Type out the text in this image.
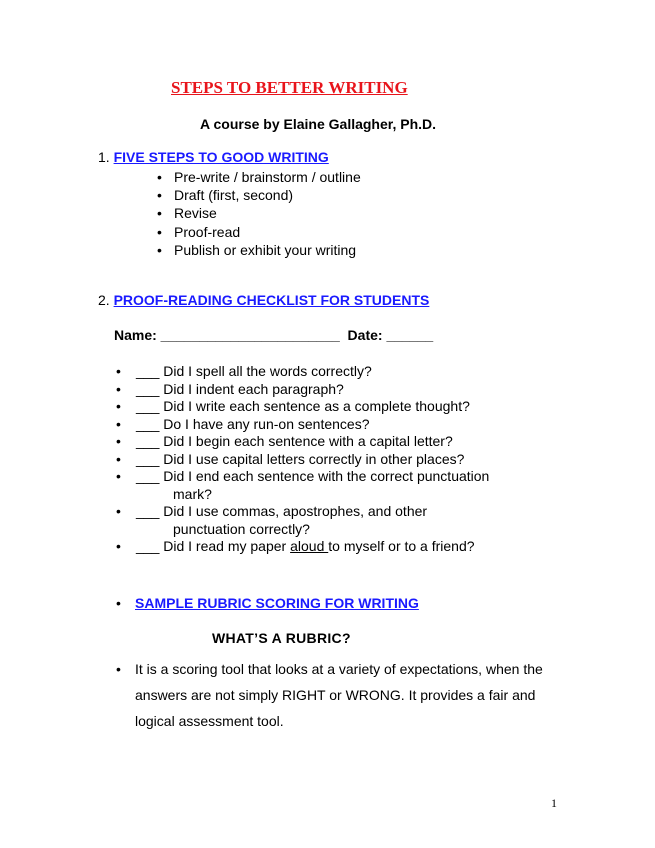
STEPS TO BETTER WRITING
A course by Elaine Gallagher, Ph.D.
1. FIVE STEPS TO GOOD WRITING
• Pre-write / brainstorm / outline
• Draft (first, second)
• Revise
• Proof-read
• Publish or exhibit your writing
2. PROOF-READING CHECKLIST FOR STUDENTS
Name: _______________________  Date: ______
• ___ Did I spell all the words correctly?
• ___ Did I indent each paragraph?
• ___ Did I write each sentence as a complete thought?
• ___ Do I have any run-on sentences?
• ___ Did I begin each sentence with a capital letter?
• ___ Did I use capital letters correctly in other places?
• ___ Did I end each sentence with the correct punctuation
mark?
• ___ Did I use commas, apostrophes, and other
punctuation correctly?
• ___ Did I read my paper aloud to myself or to a friend?
• SAMPLE RUBRIC SCORING FOR WRITING
WHAT’S A RUBRIC?
•	It is a scoring tool that looks at a variety of expectations, when the
answers are not simply RIGHT or WRONG. It provides a fair and
logical assessment tool.
1
